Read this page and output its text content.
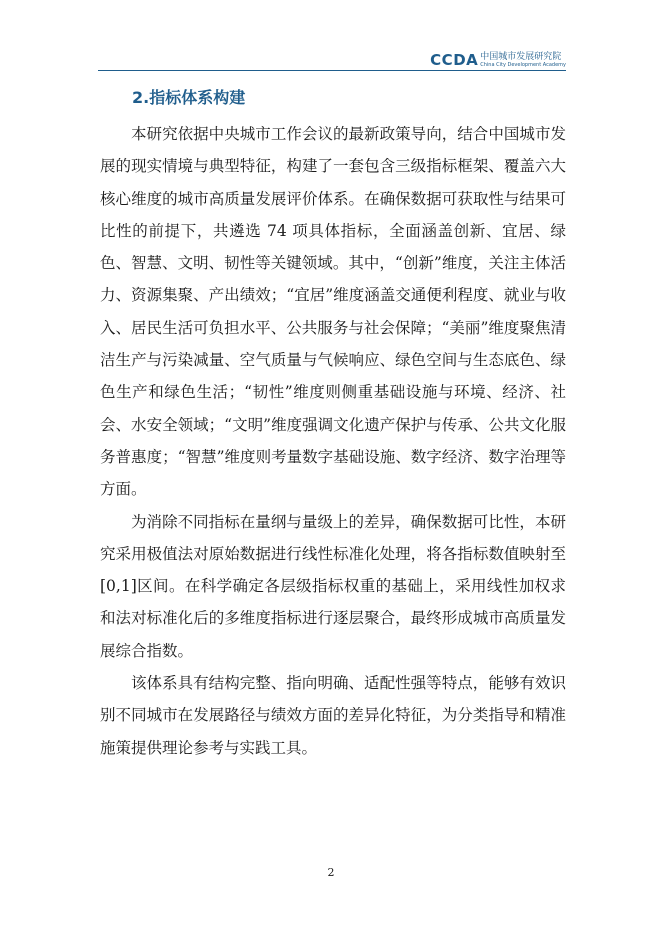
CCDA 中国城市发展研究院
China City Development Academy
2.指标体系构建

本研究依据中央城市工作会议的最新政策导向，结合中国城市发展的现实情境与典型特征，构建了一套包含三级指标框架、覆盖六大核心维度的城市高质量发展评价体系。在确保数据可获取性与结果可比性的前提下，共遴选 74 项具体指标，全面涵盖创新、宜居、绿色、智慧、文明、韧性等关键领域。其中，“创新”维度，关注主体活力、资源集聚、产出绩效；“宜居”维度涵盖交通便利程度、就业与收入、居民生活可负担水平、公共服务与社会保障；“美丽”维度聚焦清洁生产与污染减量、空气质量与气候响应、绿色空间与生态底色、绿色生产和绿色生活；“韧性”维度则侧重基础设施与环境、经济、社会、水安全领域；“文明”维度强调文化遗产保护与传承、公共文化服务普惠度；“智慧”维度则考量数字基础设施、数字经济、数字治理等方面。

为消除不同指标在量纲与量级上的差异，确保数据可比性，本研究采用极值法对原始数据进行线性标准化处理，将各指标数值映射至[0,1]区间。在科学确定各层级指标权重的基础上，采用线性加权求和法对标准化后的多维度指标进行逐层聚合，最终形成城市高质量发展综合指数。

该体系具有结构完整、指向明确、适配性强等特点，能够有效识别不同城市在发展路径与绩效方面的差异化特征，为分类指导和精准施策提供理论参考与实践工具。

2
